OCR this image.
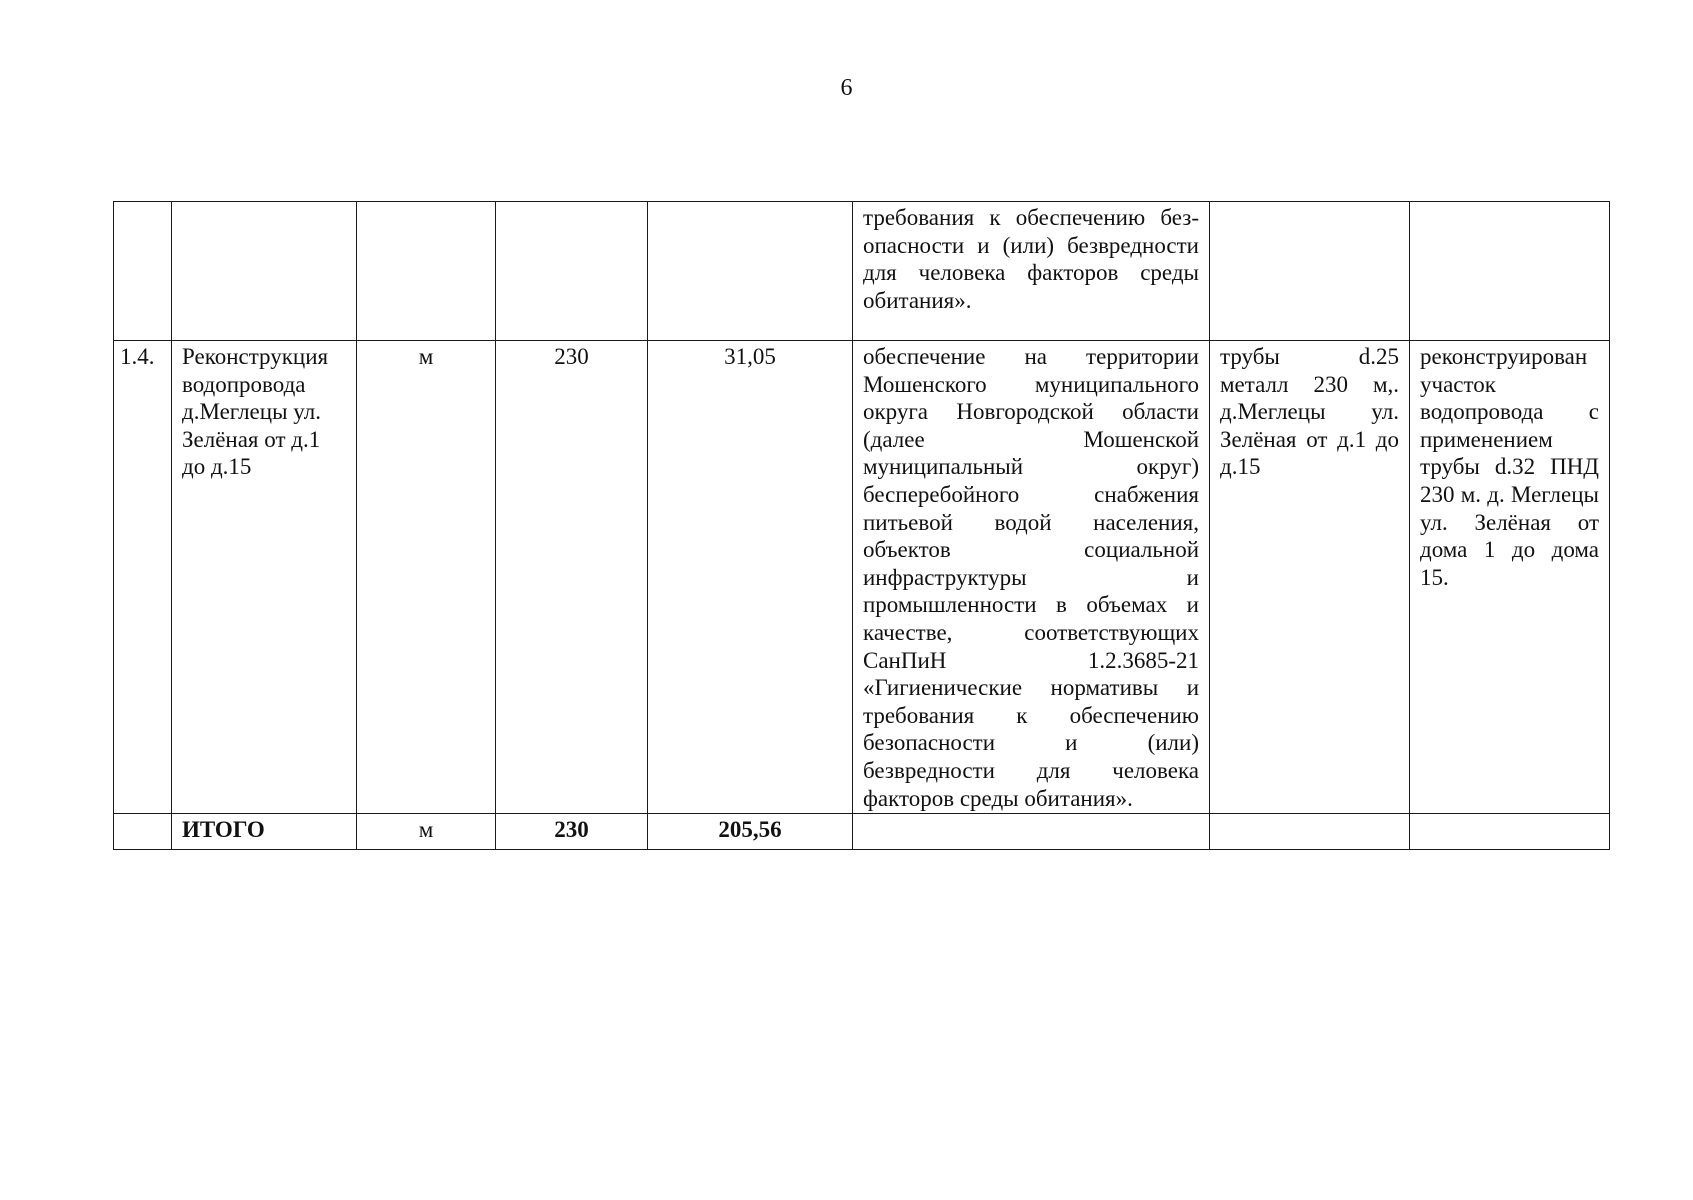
6

					требования к обеспечению без-опасности и (или) безвредности для человека факторов среды обитания».		

1.4.	Реконструкция водопровода д.Меглецы ул. Зелёная от д.1 до д.15	м	230	31,05	обеспечение на территории Мошенского муниципального округа Новгородской области (далее Мошенской муниципальный округ) бесперебойного снабжения питьевой водой населения, объектов социальной инфраструктуры и промышленности в объемах и качестве, соответствующих СанПиН 1.2.3685-21 «Гигиенические нормативы и требования к обеспечению безопасности и (или) безвредности для человека факторов среды обитания».	трубы d.25 металл 230 м,. д.Меглецы ул. Зелёная от д.1 до д.15	реконструирован участок водопровода с применением трубы d.32 ПНД 230 м. д. Меглецы ул. Зелёная от дома 1 до дома 15.

	ИТОГО	м	230	205,56			
